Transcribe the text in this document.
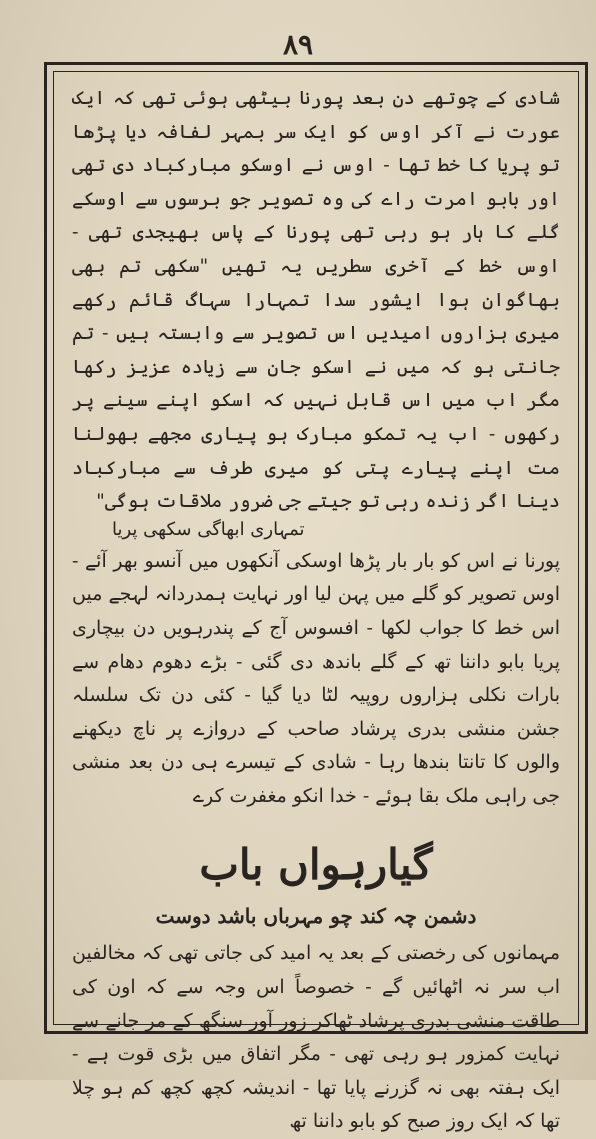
۸۹

شادی کے چوتھے دن بعد پورنا بیٹھی ہوئی تھی کہ ایک عورت نے آکر اوس کو ایک سر بمہر لفافہ دیا پڑھا تو پریا کا خط تھا - اوس نے اوسکو مبارکباد دی تھی اور بابو امرت راے کی وہ تصویر جو برسوں سے اوسکے گلے کا ہار ہو رہی تھی پورنا کے پاس بھیجدی تھی - اوس خط کے آخری سطریں یہ تھیں "سکھی تم بھی بھاگوان ہوا ایشور سدا تمہارا سہاگ قائم رکھے میری ہزاروں امیدیں اس تصویر سے وابستہ ہیں - تم جانتی ہو کہ میں نے اسکو جان سے زیادہ عزیز رکھا مگر اب میں اس قابل نہیں کہ اسکو اپنے سینے پر رکھوں - اب یہ تمکو مبارک ہو پیاری مجھے بھولنا مت اپنے پیارے پتی کو میری طرف سے مبارکباد دینا اگر زندہ رہی تو جیتے جی ضرور ملاقات ہوگی"

تمہاری ابھاگی سکھی پریا

پورنا نے اس کو بار بار پڑھا اوسکی آنکھوں میں آنسو بھر آئے - اوس تصویر کو گلے میں پہن لیا اور نہایت ہمدردانہ لہجے میں اس خط کا جواب لکھا - افسوس آج کے پندرہویں دن بیچاری پریا بابو داننا تھ کے گلے باندھ دی گئی - بڑے دھوم دھام سے بارات نکلی ہزاروں روپیہ لٹا دیا گیا - کئی دن تک سلسلہ جشن منشی بدری پرشاد صاحب کے دروازے پر ناچ دیکھنے والوں کا تانتا بندھا رہا - شادی کے تیسرے ہی دن بعد منشی جی راہی ملک بقا ہوئے - خدا انکو مغفرت کرے

گیارہواں باب
دشمن چہ کند چو مہرباں باشد دوست

مہمانوں کی رخصتی کے بعد یہ امید کی جاتی تھی کہ مخالفین اب سر نہ اٹھائیں گے - خصوصاً اس وجہ سے کہ اون کی طاقت منشی بدری پرشاد ٹھاکر زور آور سنگھ کے مر جانے سے نہایت کمزور ہو رہی تھی - مگر اتفاق میں بڑی قوت ہے - ایک ہفتہ بھی نہ گزرنے پایا تھا - اندیشہ کچھ کچھ کم ہو چلا تھا کہ ایک روز صبح کو بابو داننا تھ
